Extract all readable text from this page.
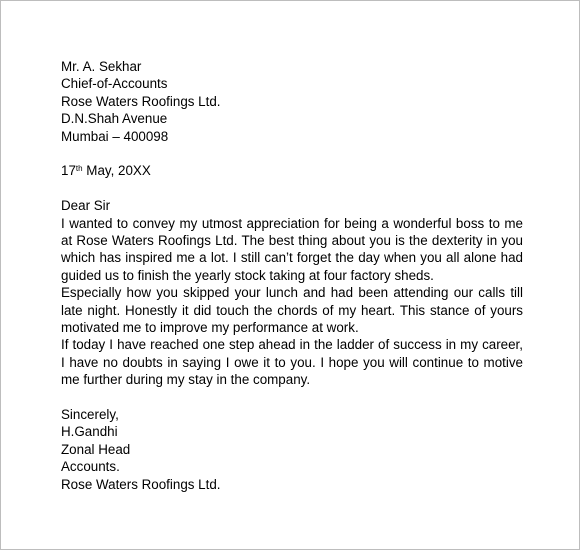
Mr. A. Sekhar
Chief-of-Accounts
Rose Waters Roofings Ltd.
D.N.Shah Avenue
Mumbai – 400098
17th May, 20XX
Dear Sir

I wanted to convey my utmost appreciation for being a wonderful boss to me at Rose Waters Roofings Ltd. The best thing about you is the dexterity in you which has inspired me a lot. I still can’t forget the day when you all alone had guided us to finish the yearly stock taking at four factory sheds.

Especially how you skipped your lunch and had been attending our calls till late night. Honestly it did touch the chords of my heart. This stance of yours motivated me to improve my performance at work.

If today I have reached one step ahead in the ladder of success in my career, I have no doubts in saying I owe it to you. I hope you will continue to motive me further during my stay in the company.

Sincerely,
H.Gandhi
Zonal Head
Accounts.
Rose Waters Roofings Ltd.
